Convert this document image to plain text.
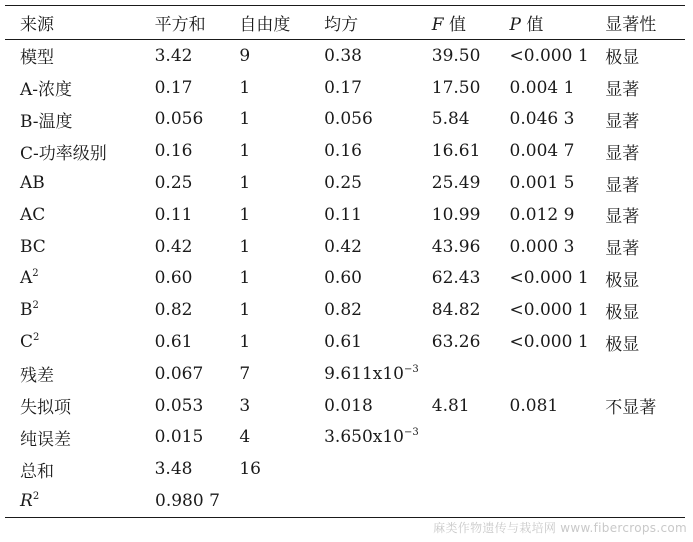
来源	平方和	自由度	均方	F 值	P 值	显著性
模型	3.42	9	0.38	39.50	<0.000 1 极显
A-浓度	0.17	1	0.17	17.50	0.004 1	显著
B-温度	0.056	1	0.056	5.84	0.046 3	显著
C-功率级别	0.16	1	0.16	16.61	0.004 7	显著
AB	0.25	1	0.25	25.49	0.001 5	显著
AC	0.11	1	0.11	10.99	0.012 9	显著
BC	0.42	1	0.42	43.96	0.000 3	显著
$A^2$	0.60	1	0.60	62.43	<0.000 1 极显
$B^2$	0.82	1	0.82	84.82	<0.000 1 极显
$C^2$	0.61	1	0.61	63.26	<0.000 1 极显
残差	0.067	7	$9.611x10^{-3}$
失拟项	0.053	3	0.018	4.81	0.081	不显著
纯误差	0.015	4	$3.650x10^{-3}$
总和	3.48	16
$R^2$	0.980 7
麻类作物遗传与栽培网 www.fibercrops.com
